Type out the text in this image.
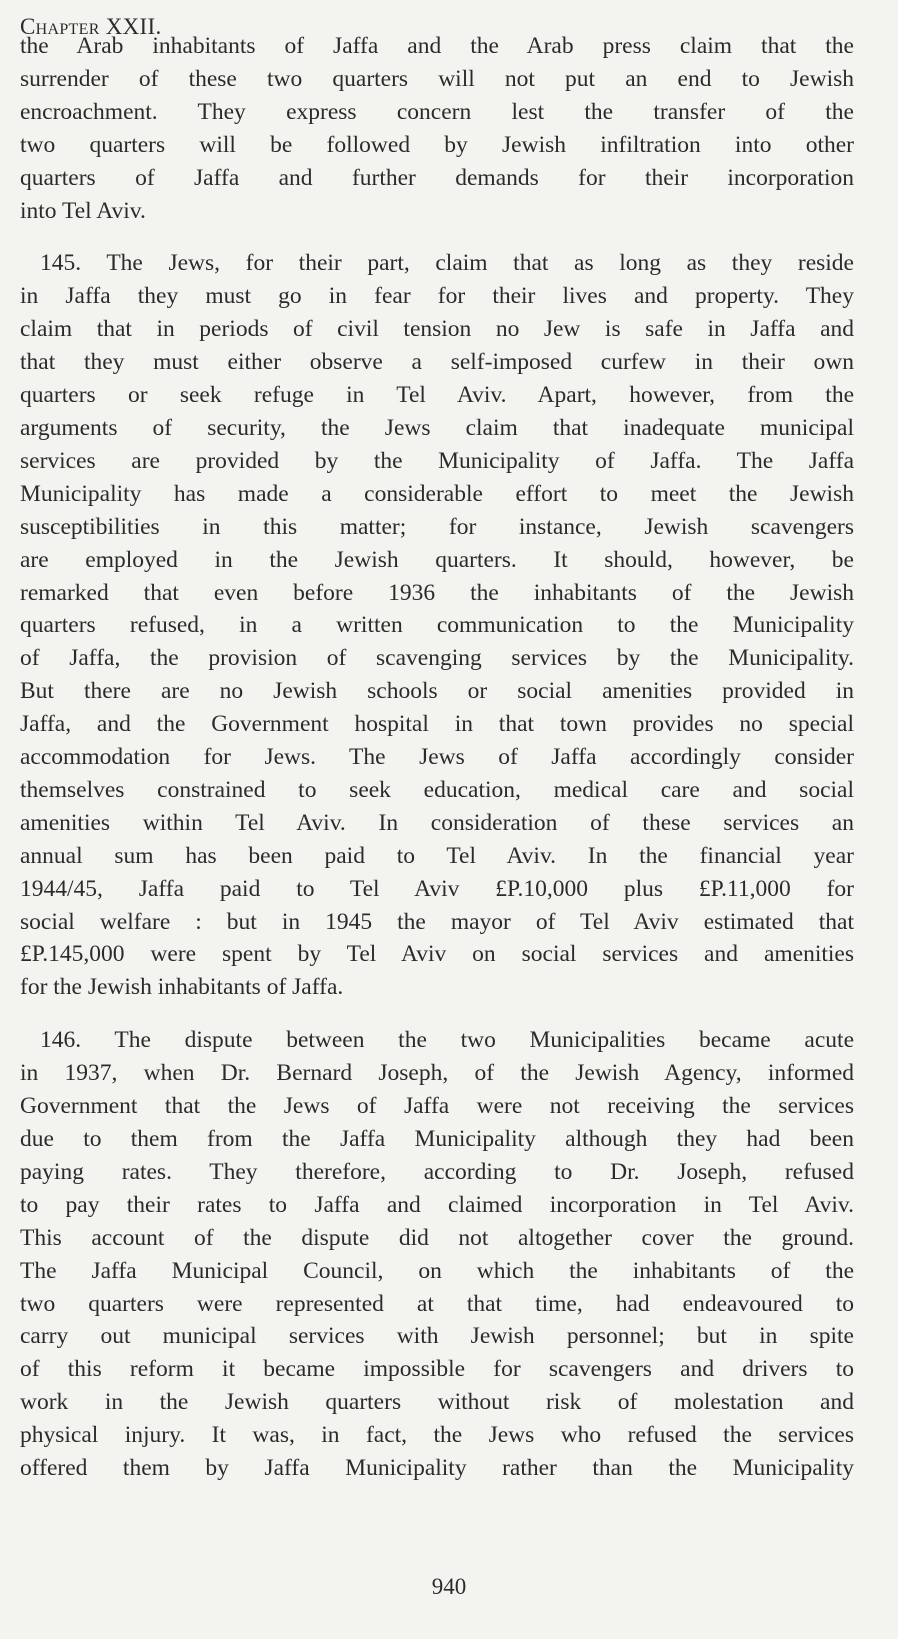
Chapter XXII.
the Arab inhabitants of Jaffa and the Arab press claim that the
surrender of these two quarters will not put an end to Jewish
encroachment. They express concern lest the transfer of the
two quarters will be followed by Jewish infiltration into other
quarters of Jaffa and further demands for their incorporation
into Tel Aviv.
145. The Jews, for their part, claim that as long as they reside
in Jaffa they must go in fear for their lives and property. They
claim that in periods of civil tension no Jew is safe in Jaffa and
that they must either observe a self-imposed curfew in their own
quarters or seek refuge in Tel Aviv. Apart, however, from the
arguments of security, the Jews claim that inadequate municipal
services are provided by the Municipality of Jaffa. The Jaffa
Municipality has made a considerable effort to meet the Jewish
susceptibilities in this matter; for instance, Jewish scavengers
are employed in the Jewish quarters. It should, however, be
remarked that even before 1936 the inhabitants of the Jewish
quarters refused, in a written communication to the Municipality
of Jaffa, the provision of scavenging services by the Municipality.
But there are no Jewish schools or social amenities provided in
Jaffa, and the Government hospital in that town provides no special
accommodation for Jews. The Jews of Jaffa accordingly consider
themselves constrained to seek education, medical care and social
amenities within Tel Aviv. In consideration of these services an
annual sum has been paid to Tel Aviv. In the financial year
1944/45, Jaffa paid to Tel Aviv £P.10,000 plus £P.11,000 for
social welfare : but in 1945 the mayor of Tel Aviv estimated that
£P.145,000 were spent by Tel Aviv on social services and amenities
for the Jewish inhabitants of Jaffa.
146. The dispute between the two Municipalities became acute
in 1937, when Dr. Bernard Joseph, of the Jewish Agency, informed
Government that the Jews of Jaffa were not receiving the services
due to them from the Jaffa Municipality although they had been
paying rates. They therefore, according to Dr. Joseph, refused
to pay their rates to Jaffa and claimed incorporation in Tel Aviv.
This account of the dispute did not altogether cover the ground.
The Jaffa Municipal Council, on which the inhabitants of the
two quarters were represented at that time, had endeavoured to
carry out municipal services with Jewish personnel; but in spite
of this reform it became impossible for scavengers and drivers to
work in the Jewish quarters without risk of molestation and
physical injury. It was, in fact, the Jews who refused the services
offered them by Jaffa Municipality rather than the Municipality
940
